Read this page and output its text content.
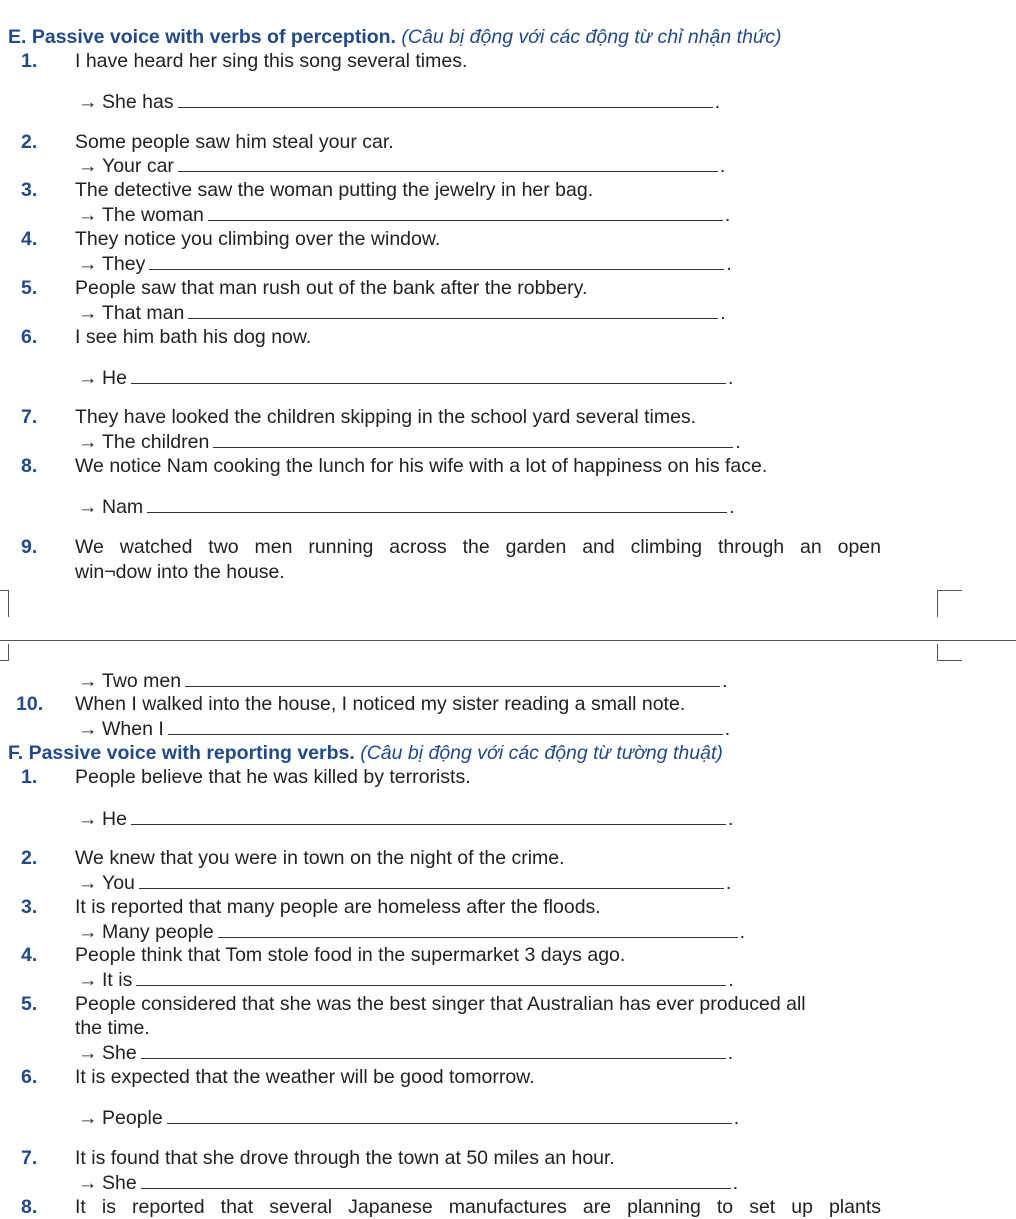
E. Passive voice with verbs of perception. (Câu bị động với các động từ chỉ nhận thức)
1. I have heard her sing this song several times.
→ She has	.
2. Some people saw him steal your car.
→ Your car	.
3. The detective saw the woman putting the jewelry in her bag.
→ The woman	.
4. They notice you climbing over the window.
→ They	.
5. People saw that man rush out of the bank after the robbery.
→ That man	.
6. I see him bath his dog now.
→ He	.
7. They have looked the children skipping in the school yard several times.
→ The children	.
8. We notice Nam cooking the lunch for his wife with a lot of happiness on his face.
→ Nam	.
9. We watched two men running across the garden and climbing through an open
win¬dow into the house.
→ Two men	.
10. When I walked into the house, I noticed my sister reading a small note.
→ When I	.
F. Passive voice with reporting verbs. (Câu bị động với các động từ tường thuật)
1. People believe that he was killed by terrorists.
→ He	.
2. We knew that you were in town on the night of the crime.
→ You	.
3. It is reported that many people are homeless after the floods.
→ Many people	.
4. People think that Tom stole food in the supermarket 3 days ago.
→ It is	.
5. People considered that she was the best singer that Australian has ever produced all
the time.
→ She	.
6. It is expected that the weather will be good tomorrow.
→ People	.
7. It is found that she drove through the town at 50 miles an hour.
→ She	.
8. It is reported that several Japanese manufactures are planning to set up plants
